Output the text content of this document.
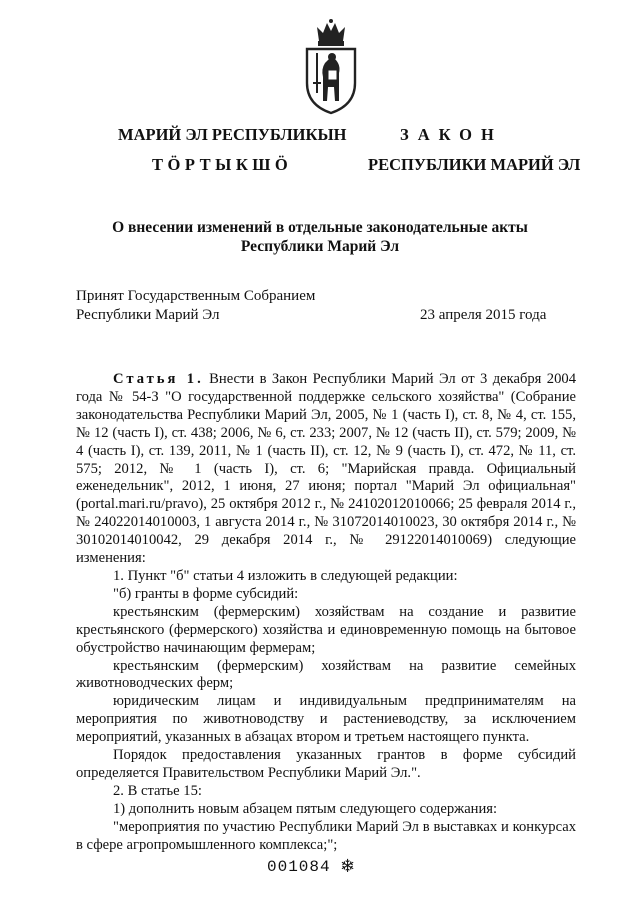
МАРИЙ ЭЛ РЕСПУБЛИКЫН
ТӦРТЫКШӦ
ЗАКОН
РЕСПУБЛИКИ МАРИЙ ЭЛ
О внесении изменений в отдельные законодательные акты
Республики Марий Эл
Принят Государственным Собранием
Республики Марий Эл	23 апреля 2015 года

Статья 1. Внести в Закон Республики Марий Эл от 3 декабря 2004 года № 54-З "О государственной поддержке сельского хозяйства" (Собрание законодательства Республики Марий Эл, 2005, № 1 (часть I), ст. 8, № 4, ст. 155, № 12 (часть I), ст. 438; 2006, № 6, ст. 233; 2007, № 12 (часть II), ст. 579; 2009, № 4 (часть I), ст. 139, 2011, № 1 (часть II), ст. 12, № 9 (часть I), ст. 472, № 11, ст. 575; 2012, № 1 (часть I), ст. 6; "Марийская правда. Официальный еженедельник", 2012, 1 июня, 27 июня; портал "Марий Эл официальная" (portal.mari.ru/pravo), 25 октября 2012 г., № 24102012010066; 25 февраля 2014 г., № 24022014010003, 1 августа 2014 г., № 31072014010023, 30 октября 2014 г., № 30102014010042, 29 декабря 2014 г., № 29122014010069) следующие изменения:

1. Пункт "б" статьи 4 изложить в следующей редакции:

"б) гранты в форме субсидий:

крестьянским (фермерским) хозяйствам на создание и развитие крестьянского (фермерского) хозяйства и единовременную помощь на бытовое обустройство начинающим фермерам;

крестьянским (фермерским) хозяйствам на развитие семейных животноводческих ферм;

юридическим лицам и индивидуальным предпринимателям на мероприятия по животноводству и растениеводству, за исключением мероприятий, указанных в абзацах втором и третьем настоящего пункта.

Порядок предоставления указанных грантов в форме субсидий определяется Правительством Республики Марий Эл.".

2. В статье 15:

1) дополнить новым абзацем пятым следующего содержания:

"мероприятия по участию Республики Марий Эл в выставках и конкурсах в сфере агропромышленного комплекса;";

001084 ❄
